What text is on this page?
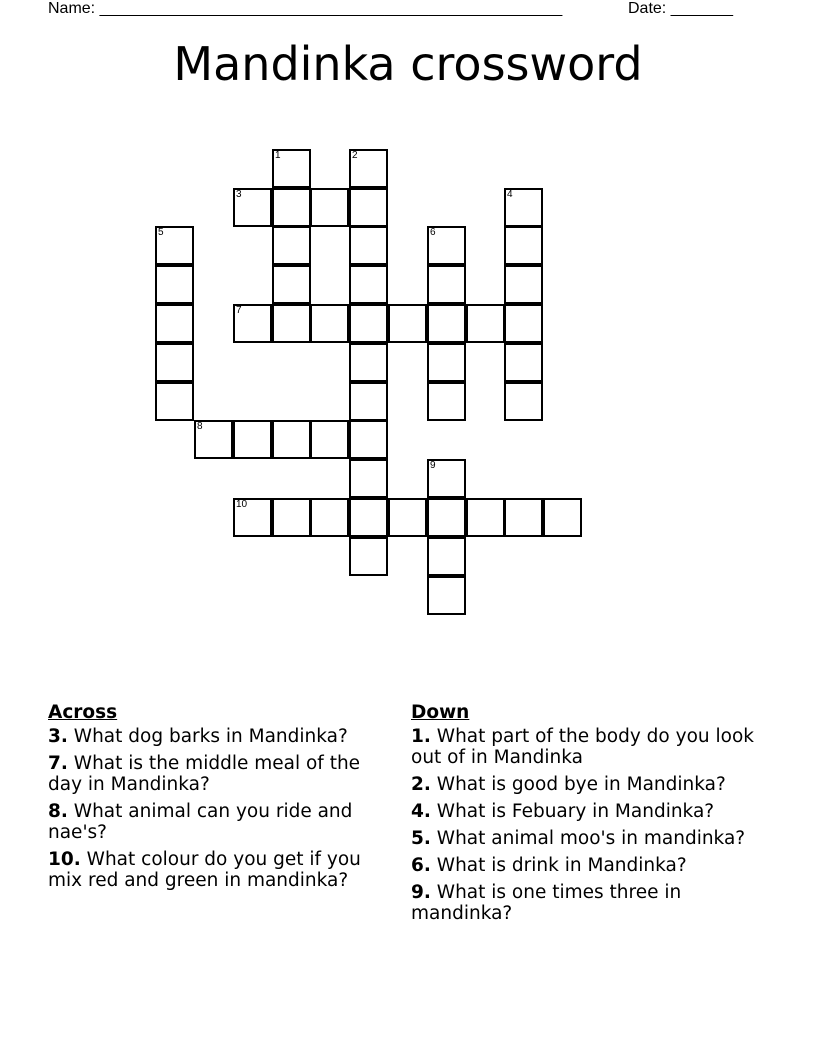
Name: ____________________________________________________	Date: _______
Mandinka crossword
1	2
3	4
5	6
7
8
9
10
Across
3. What dog barks in Mandinka?
7. What is the middle meal of the day in Mandinka?
8. What animal can you ride and nae's?
10. What colour do you get if you mix red and green in mandinka?
Down
1. What part of the body do you look out of in Mandinka
2. What is good bye in Mandinka?
4. What is Febuary in Mandinka?
5. What animal moo's in mandinka?
6. What is drink in Mandinka?
9. What is one times three in mandinka?
